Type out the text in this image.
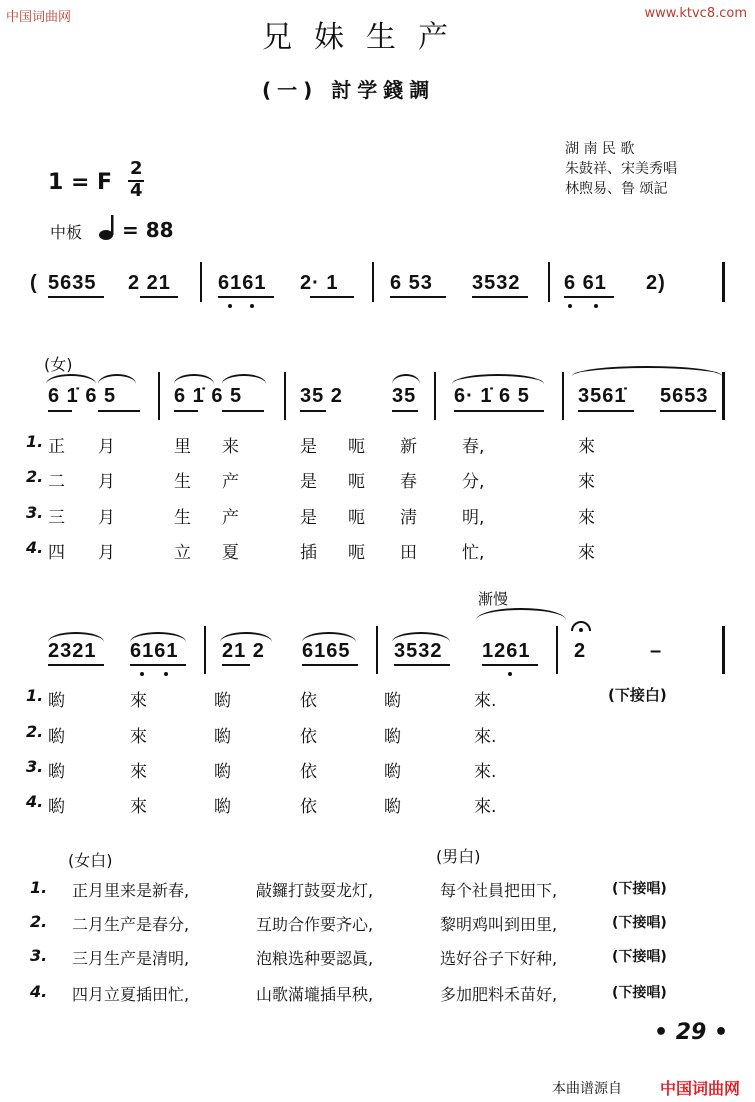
中国词曲网	www.ktvc8.com
兄妹生产
(一) 討学錢調
湖 南 民 歌
朱鼓祥、宋美秀唱
林煦易、鲁 颂記
1 = F
2
4
中板 = 88
( 5635 2 21 6161 2· 1	6 53 3532 6 61 2)
(女)
6 1̇ 6 5	6 1̇ 6 5	35 2 35 6· 1̇ 6 5 3561̇ 5653
1. 正 月	里 来	是 呃 新	春,	來
2. 二 月	生 产	是 呃 春	分,	來
3. 三 月	生 产	是 呃 淸	明,	來
4. 四 月	立 夏	插 呃 田	忙,	來
漸慢
2321 6161 21 2 6165 3532 1261 2	–
(下接白)
1. 喲	來	喲	依	喲	來.
2. 喲	來	喲	依	喲	來.
3. 喲	來	喲	依	喲	來.
4. 喲	來	喲	依	喲	來.
(女白)	(男白)
1. 正月里来是新春,	敲鑼打鼓耍龙灯,	每个社員把田下,	(下接唱)
2. 二月生产是春分,	互助合作要齐心,	黎明鸡叫到田里,	(下接唱)
3. 三月生产是清明,	泡粮选种要認眞,	选好谷子下好种,	(下接唱)
4. 四月立夏插田忙,	山歌滿壠插早秧,	多加肥料禾苗好,	(下接唱)
• 29 •
本曲谱源自 中国词曲网
